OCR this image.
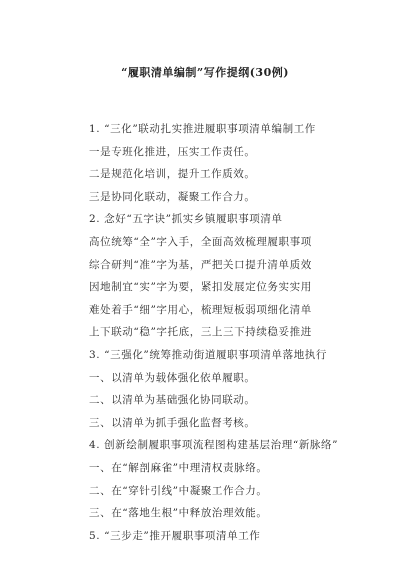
“履职清单编制”写作提纲(30例)
1. “三化”联动扎实推进履职事项清单编制工作
一是专班化推进，压实工作责任。
二是规范化培训，提升工作质效。
三是协同化联动，凝聚工作合力。
2. 念好“五字诀”抓实乡镇履职事项清单
高位统筹“全”字入手，全面高效梳理履职事项
综合研判“准”字为基，严把关口提升清单质效
因地制宜“实”字为要，紧扣发展定位务实实用
难处着手“细”字用心，梳理短板弱项细化清单
上下联动“稳”字托底，三上三下持续稳妥推进
3. “三强化”统筹推动街道履职事项清单落地执行
一、以清单为载体强化依单履职。
二、以清单为基础强化协同联动。
三、以清单为抓手强化监督考核。
4. 创新绘制履职事项流程图构建基层治理“新脉络”
一、在“解剖麻雀”中理清权责脉络。
二、在“穿针引线”中凝聚工作合力。
三、在“落地生根”中释放治理效能。
5. “三步走”推开履职事项清单工作
